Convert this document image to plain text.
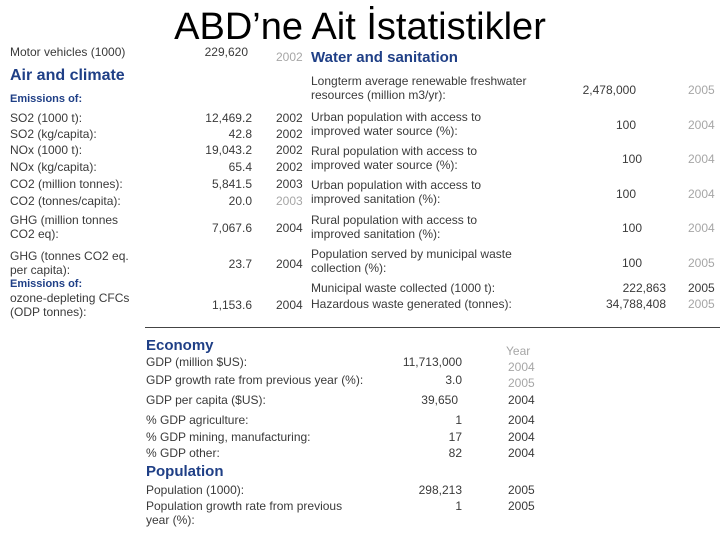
ABD’ne Ait İstatistikler
Motor vehicles (1000)	229,620 2002
Air and climate
Emissions of:
SO2 (1000 t):	12,469.2 2002
SO2 (kg/capita):	42.8 2002
NOx (1000 t):	19,043.2 2002
NOx (kg/capita):	65.4 2002
CO2 (million tonnes):	5,841.5 2003
CO2 (tonnes/capita):	20.0 2003
GHG (million tonnes CO2 eq):	7,067.6 2004
GHG (tonnes CO2 eq. per capita):	23.7 2004
Emissions of:
ozone-depleting CFCs (ODP tonnes):	1,153.6 2004
Water and sanitation
Longterm average renewable freshwater resources (million m3/yr):	2,478,000	2005
Urban population with access to improved water source (%):	100	2004
Rural population with access to improved water source (%):	100	2004
Urban population with access to improved sanitation (%):	100	2004
Rural population with access to improved sanitation (%):	100	2004
Population served by municipal waste collection (%):	100	2005
Municipal waste collected (1000 t):	222,863 2005
Hazardous waste generated (tonnes):	34,788,408 2005
Economy	Year
GDP (million $US):	11,713,000	2004
GDP growth rate from previous year (%):	3.0	2005
GDP per capita ($US):	39,650	2004
% GDP agriculture:	1	2004
% GDP mining, manufacturing:	17	2004
% GDP other:	82	2004
Population
Population (1000):	298,213	2005
Population growth rate from previous year (%):
1	2005
